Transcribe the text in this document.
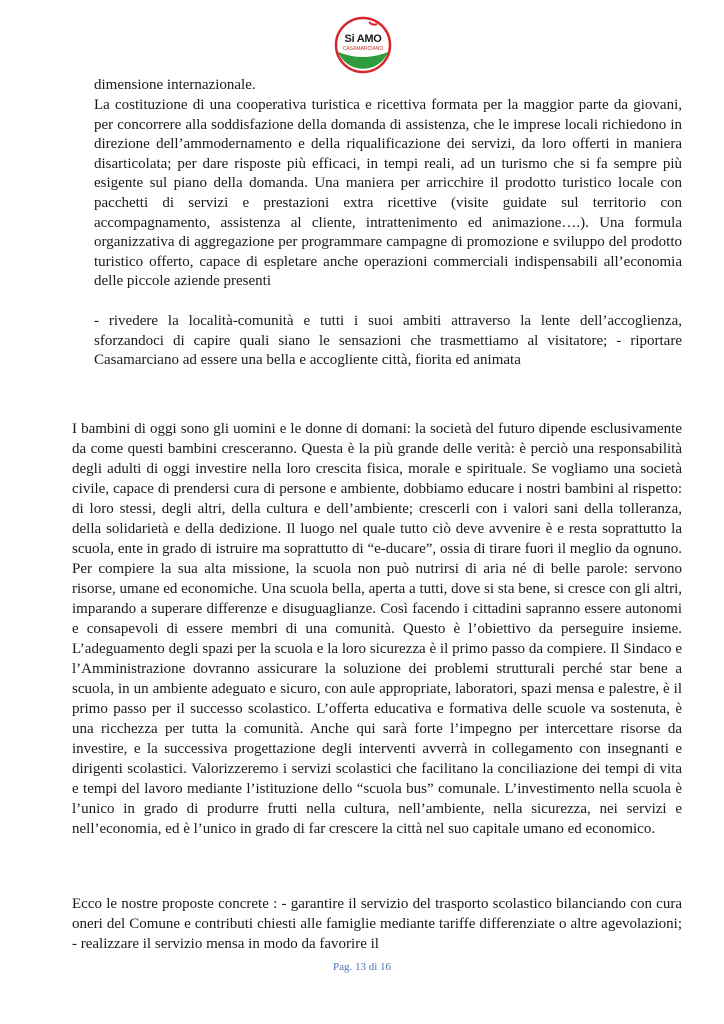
Si AMO
CASAMARCIANO
dimensione internazionale.
La costituzione di una cooperativa turistica e ricettiva formata per la maggior parte da giovani, per concorrere alla soddisfazione della domanda di assistenza, che le imprese locali richiedono in direzione dell’ammodernamento e della riqualificazione dei servizi, da loro offerti in maniera disarticolata; per dare risposte più efficaci, in tempi reali, ad un turismo che si fa sempre più esigente sul piano della domanda. Una maniera per arricchire il prodotto turistico locale con pacchetti di servizi e prestazioni extra ricettive (visite guidate sul territorio con accompagnamento, assistenza al cliente, intrattenimento ed animazione….). Una formula organizzativa di aggregazione per programmare campagne di promozione e sviluppo del prodotto turistico offerto, capace di espletare anche operazioni commerciali indispensabili all’economia delle piccole aziende presenti
- rivedere la località-comunità e tutti i suoi ambiti attraverso la lente dell’accoglienza, sforzandoci di capire quali siano le sensazioni che trasmettiamo al visitatore; - riportare Casamarciano ad essere una bella e accogliente città, fiorita ed animata
I bambini di oggi sono gli uomini e le donne di domani: la società del futuro dipende esclusivamente da come questi bambini cresceranno. Questa è la più grande delle verità: è perciò una responsabilità degli adulti di oggi investire nella loro crescita fisica, morale e spirituale. Se vogliamo una società civile, capace di prendersi cura di persone e ambiente, dobbiamo educare i nostri bambini al rispetto: di loro stessi, degli altri, della cultura e dell’ambiente; crescerli con i valori sani della tolleranza, della solidarietà e della dedizione. Il luogo nel quale tutto ciò deve avvenire è e resta soprattutto la scuola, ente in grado di istruire ma soprattutto di “e-ducare”, ossia di tirare fuori il meglio da ognuno. Per compiere la sua alta missione, la scuola non può nutrirsi di aria né di belle parole: servono risorse, umane ed economiche. Una scuola bella, aperta a tutti, dove si sta bene, si cresce con gli altri, imparando a superare differenze e disuguaglianze. Così facendo i cittadini sapranno essere autonomi e consapevoli di essere membri di una comunità. Questo è l’obiettivo da perseguire insieme. L’adeguamento degli spazi per la scuola e la loro sicurezza è il primo passo da compiere. Il Sindaco e l’Amministrazione dovranno assicurare la soluzione dei problemi strutturali perché star bene a scuola, in un ambiente adeguato e sicuro, con aule appropriate, laboratori, spazi mensa e palestre, è il primo passo per il successo scolastico. L’offerta educativa e formativa delle scuole va sostenuta, è una ricchezza per tutta la comunità. Anche qui sarà forte l’impegno per intercettare risorse da investire, e la successiva progettazione degli interventi avverrà in collegamento con insegnanti e dirigenti scolastici. Valorizzeremo i servizi scolastici che facilitano la conciliazione dei tempi di vita e tempi del lavoro mediante l’istituzione dello “scuola bus” comunale. L’investimento nella scuola è l’unico in grado di produrre frutti nella cultura, nell’ambiente, nella sicurezza, nei servizi e nell’economia, ed è l’unico in grado di far crescere la città nel suo capitale umano ed economico.
Ecco le nostre proposte concrete : - garantire il servizio del trasporto scolastico bilanciando con cura oneri del Comune e contributi chiesti alle famiglie mediante tariffe differenziate o altre agevolazioni; - realizzare il servizio mensa in modo da favorire il
Pag. 13 di 16
